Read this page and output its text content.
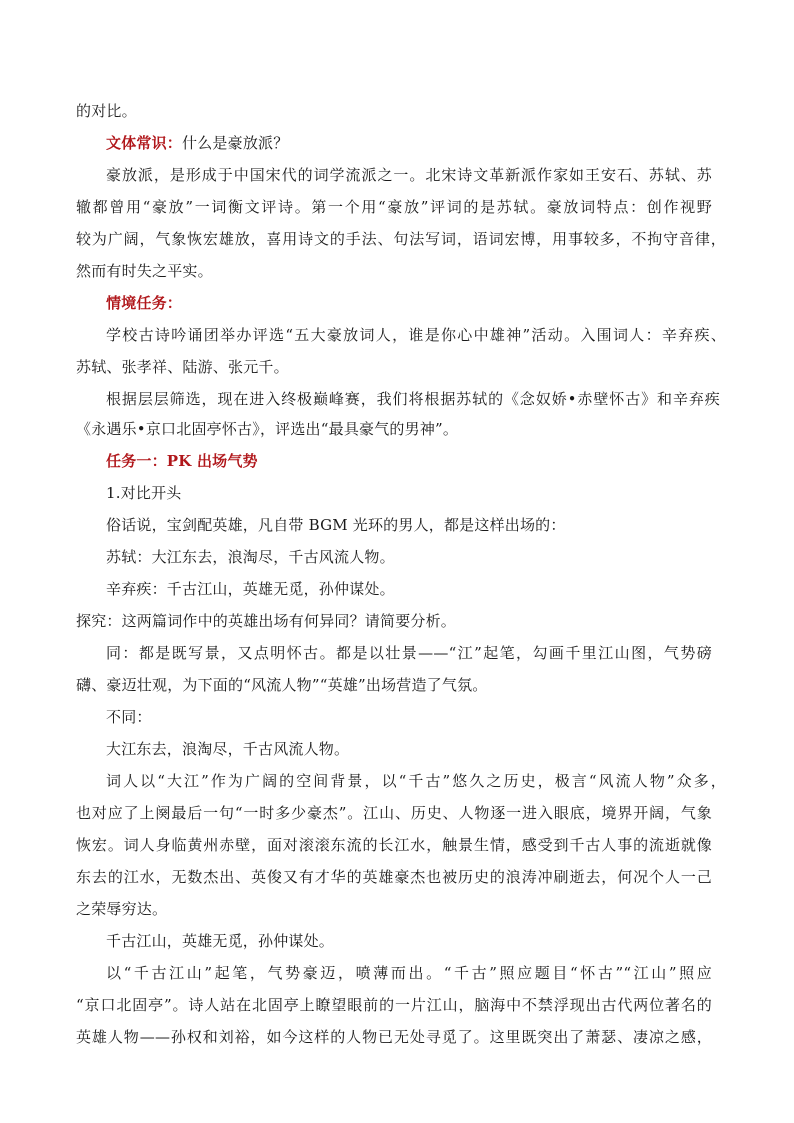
的对比。
文体常识：什么是豪放派？
豪放派，是形成于中国宋代的词学流派之一。北宋诗文革新派作家如王安石、苏轼、苏
辙都曾用“豪放”一词衡文评诗。第一个用“豪放”评词的是苏轼。豪放词特点：创作视野
较为广阔，气象恢宏雄放，喜用诗文的手法、句法写词，语词宏博，用事较多，不拘守音律，
然而有时失之平实。
情境任务：
学校古诗吟诵团举办评选“五大豪放词人，谁是你心中雄神”活动。入围词人：辛弃疾、
苏轼、张孝祥、陆游、张元千。
根据层层筛选，现在进入终极巅峰赛，我们将根据苏轼的《念奴娇•赤壁怀古》和辛弃疾
《永遇乐•京口北固亭怀古》，评选出“最具豪气的男神”。
任务一：PK 出场气势
1.对比开头
俗话说，宝剑配英雄，凡自带 BGM 光环的男人，都是这样出场的：
苏轼：大江东去，浪淘尽，千古风流人物。
辛弃疾：千古江山，英雄无觅，孙仲谋处。
探究：这两篇词作中的英雄出场有何异同？请简要分析。
同：都是既写景，又点明怀古。都是以壮景——“江”起笔，勾画千里江山图，气势磅
礴、豪迈壮观，为下面的“风流人物”“英雄”出场营造了气氛。
不同：
大江东去，浪淘尽，千古风流人物。
词人以“大江”作为广阔的空间背景，以“千古”悠久之历史，极言“风流人物”众多，
也对应了上阕最后一句“一时多少豪杰”。江山、历史、人物逐一进入眼底，境界开阔，气象
恢宏。词人身临黄州赤壁，面对滚滚东流的长江水，触景生情，感受到千古人事的流逝就像
东去的江水，无数杰出、英俊又有才华的英雄豪杰也被历史的浪涛冲刷逝去，何况个人一己
之荣辱穷达。
千古江山，英雄无觅，孙仲谋处。
以“千古江山”起笔，气势豪迈，喷薄而出。“千古”照应题目“怀古”“江山”照应
“京口北固亭”。诗人站在北固亭上瞭望眼前的一片江山，脑海中不禁浮现出古代两位著名的
英雄人物——孙权和刘裕，如今这样的人物已无处寻觅了。这里既突出了萧瑟、凄凉之感，
